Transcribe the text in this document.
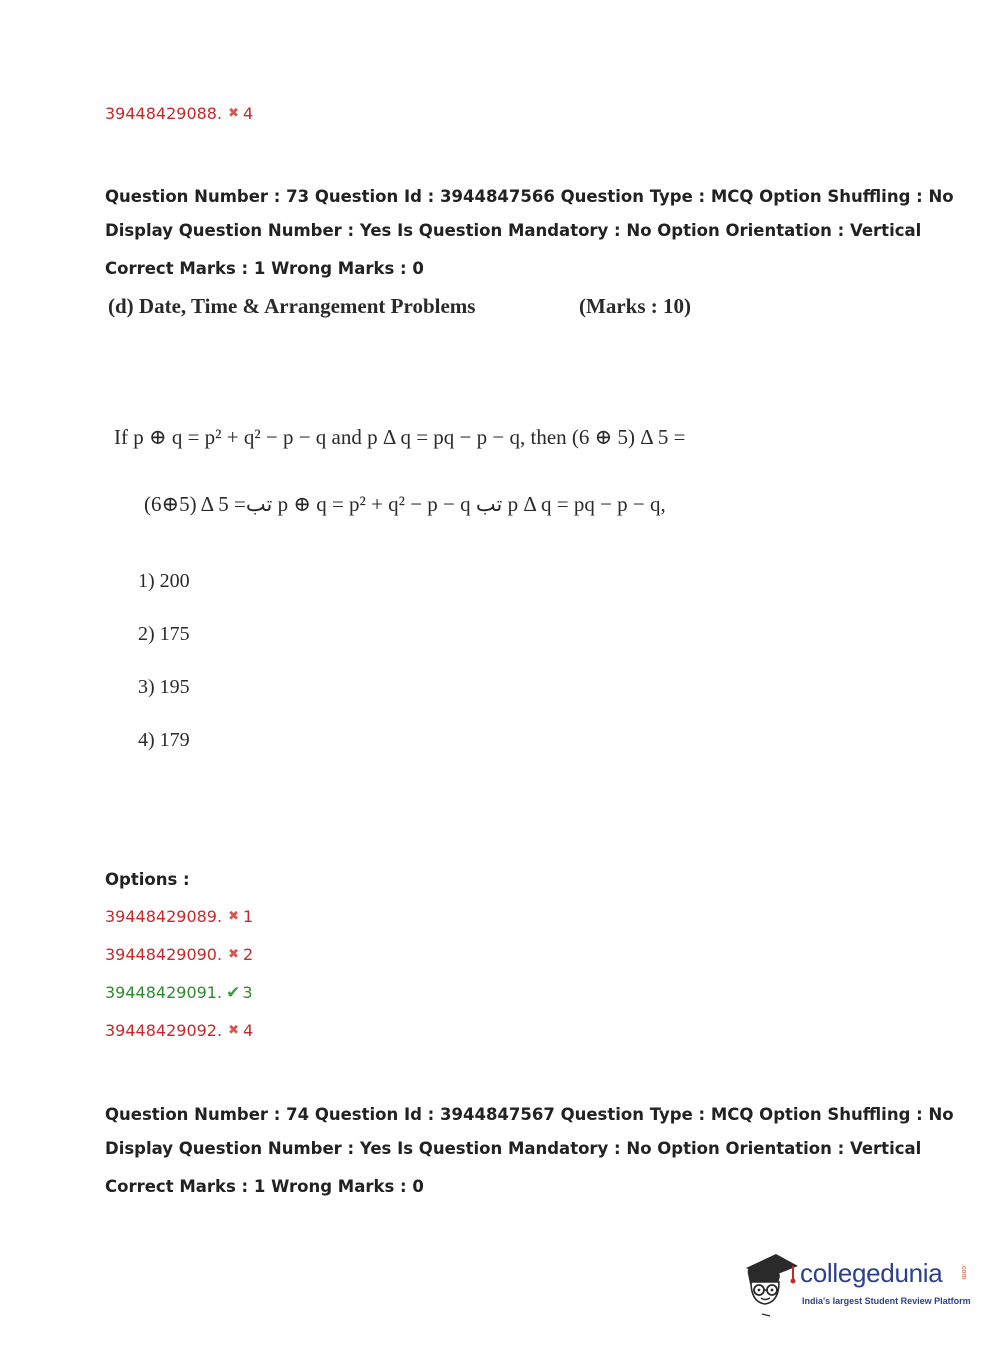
39448429088. ✖ 4
Question Number : 73 Question Id : 3944847566 Question Type : MCQ Option Shuffling : No
Display Question Number : Yes Is Question Mandatory : No Option Orientation : Vertical
Correct Marks : 1 Wrong Marks : 0
(d) Date, Time & Arrangement Problems	(Marks : 10)
If p ⊕ q = p² + q² − p − q and p Δ q = pq − p − q, then (6 ⊕ 5) Δ 5 =
(6⊕5) Δ 5 =تب p ⊕ q = p² + q² − p − q تب p Δ q = pq − p − q,
1) 200
2) 175
3) 195
4) 179
Options :
39448429089. ✖ 1
39448429090. ✖ 2
39448429091. ✔ 3
39448429092. ✖ 4
Question Number : 74 Question Id : 3944847567 Question Type : MCQ Option Shuffling : No
Display Question Number : Yes Is Question Mandatory : No Option Orientation : Vertical
Correct Marks : 1 Wrong Marks : 0
collegedunia	.com
India's largest Student Review Platform
